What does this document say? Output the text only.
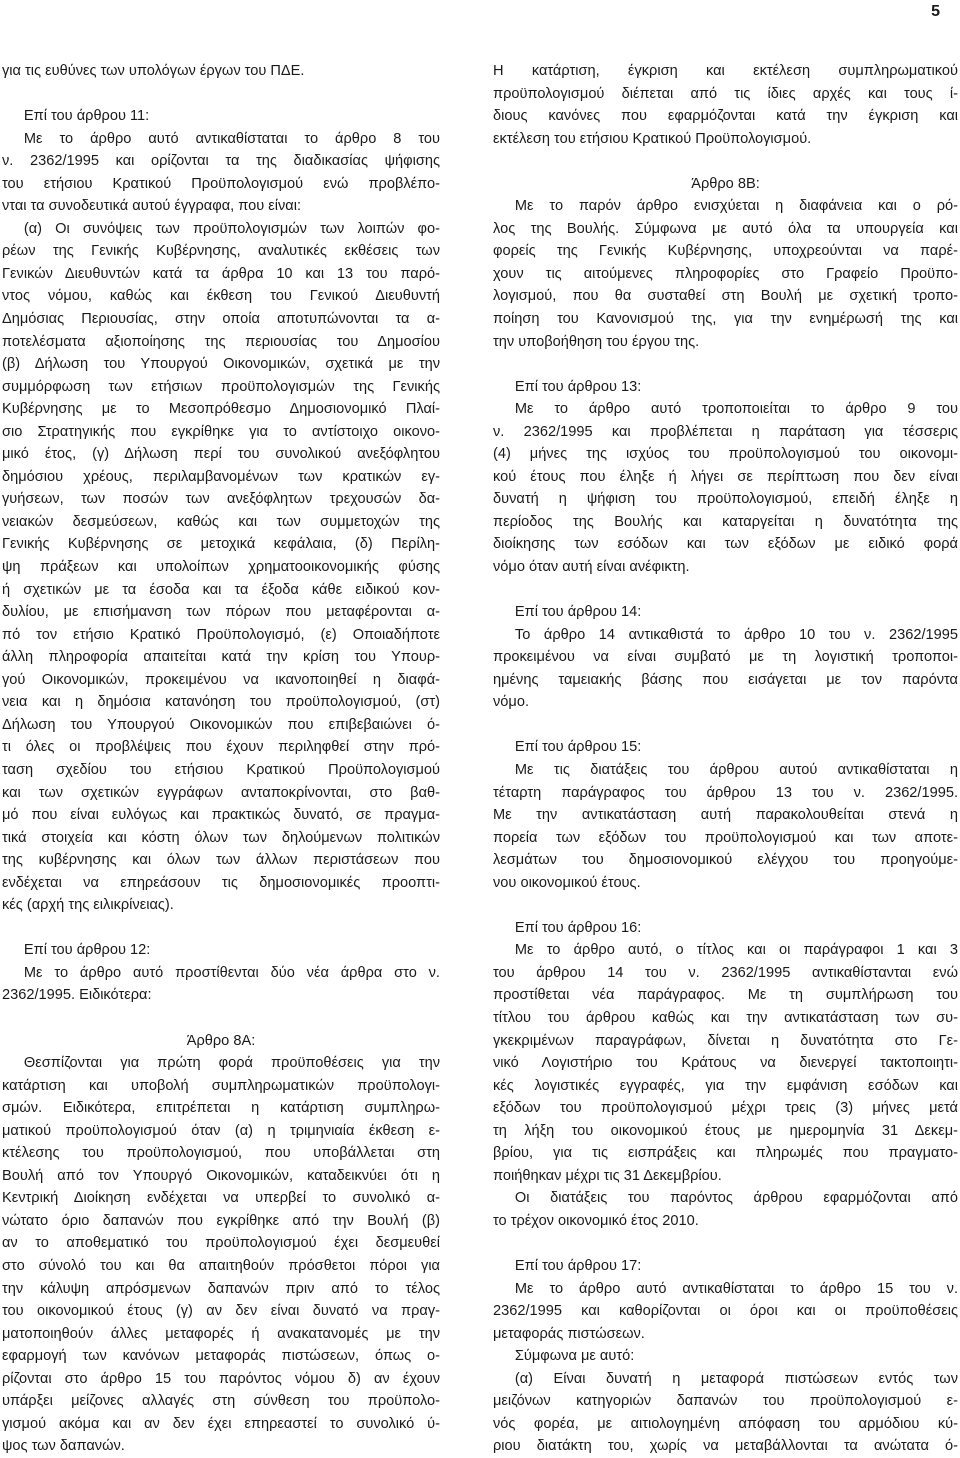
5
για τις ευθύνες των υπολόγων έργων του ΠΔΕ.
  Επί του άρθρου 11:
  Με το άρθρο αυτό αντικαθίσταται το άρθρο 8 του
ν. 2362/1995 και ορίζονται τα της διαδικασίας ψήφισης
του ετήσιου Κρατικού Προϋπολογισμού ενώ προβλέπο-
νται τα συνοδευτικά αυτού έγγραφα, που είναι:
  (α) Οι συνόψεις των προϋπολογισμών των λοιπών φο-
ρέων της Γενικής Κυβέρνησης, αναλυτικές εκθέσεις των
Γενικών Διευθυντών κατά τα άρθρα 10 και 13 του παρό-
ντος νόμου, καθώς και έκθεση του Γενικού Διευθυντή
Δημόσιας Περιουσίας, στην οποία αποτυπώνονται τα α-
ποτελέσματα αξιοποίησης της περιουσίας του Δημοσίου
(β) Δήλωση του Υπουργού Οικονομικών, σχετικά με την
συμμόρφωση των ετήσιων προϋπολογισμών της Γενικής
Κυβέρνησης με το Μεσοπρόθεσμο Δημοσιονομικό Πλαί-
σιο Στρατηγικής που εγκρίθηκε για το αντίστοιχο οικονο-
μικό έτος, (γ) Δήλωση περί του συνολικού ανεξόφλητου
δημόσιου χρέους, περιλαμβανομένων των κρατικών εγ-
γυήσεων, των ποσών των ανεξόφλητων τρεχουσών δα-
νειακών δεσμεύσεων, καθώς και των συμμετοχών της
Γενικής Κυβέρνησης σε μετοχικά κεφάλαια, (δ) Περίλη-
ψη πράξεων και υπολοίπων χρηματοοικονομικής φύσης
ή σχετικών με τα έσοδα και τα έξοδα κάθε ειδικού κον-
δυλίου, με επισήμανση των πόρων που μεταφέρονται α-
πό τον ετήσιο Κρατικό Προϋπολογισμό, (ε) Οποιαδήποτε
άλλη πληροφορία απαιτείται κατά την κρίση του Υπουρ-
γού Οικονομικών, προκειμένου να ικανοποιηθεί η διαφά-
νεια και η δημόσια κατανόηση του προϋπολογισμού, (στ)
Δήλωση του Υπουργού Οικονομικών που επιβεβαιώνει ό-
τι όλες οι προβλέψεις που έχουν περιληφθεί στην πρό-
ταση σχεδίου του ετήσιου Κρατικού Προϋπολογισμού
και των σχετικών εγγράφων ανταποκρίνονται, στο βαθ-
μό που είναι ευλόγως και πρακτικώς δυνατό, σε πραγμα-
τικά στοιχεία και κόστη όλων των δηλούμενων πολιτικών
της κυβέρνησης και όλων των άλλων περιστάσεων που
ενδέχεται να επηρεάσουν τις δημοσιονομικές προοπτι-
κές (αρχή της ειλικρίνειας).
  Επί του άρθρου 12:
  Με το άρθρο αυτό προστίθενται δύο νέα άρθρα στο ν.
2362/1995. Ειδικότερα:
Άρθρο 8Α:
  Θεσπίζονται για πρώτη φορά προϋποθέσεις για την
κατάρτιση και υποβολή συμπληρωματικών προϋπολογι-
σμών. Ειδικότερα, επιτρέπεται η κατάρτιση συμπληρω-
ματικού προϋπολογισμού όταν (α) η τριμηνιαία έκθεση ε-
κτέλεσης του προϋπολογισμού, που υποβάλλεται στη
Βουλή από τον Υπουργό Οικονομικών, καταδεικνύει ότι η
Κεντρική Διοίκηση ενδέχεται να υπερβεί το συνολικό α-
νώτατο όριο δαπανών που εγκρίθηκε από την Βουλή (β)
αν το αποθεματικό του προϋπολογισμού έχει δεσμευθεί
στο σύνολό του και θα απαιτηθούν πρόσθετοι πόροι για
την κάλυψη απρόσμενων δαπανών πριν από το τέλος
του οικονομικού έτους (γ) αν δεν είναι δυνατό να πραγ-
ματοποιηθούν άλλες μεταφορές ή ανακατανομές με την
εφαρμογή των κανόνων μεταφοράς πιστώσεων, όπως ο-
ρίζονται στο άρθρο 15 του παρόντος νόμου δ) αν έχουν
υπάρξει μείζονες αλλαγές στη σύνθεση του προϋπολο-
γισμού ακόμα και αν δεν έχει επηρεαστεί το συνολικό ύ-
ψος των δαπανών.
Η κατάρτιση, έγκριση και εκτέλεση συμπληρωματικού
προϋπολογισμού διέπεται από τις ίδιες αρχές και τους ί-
διους κανόνες που εφαρμόζονται κατά την έγκριση και
εκτέλεση του ετήσιου Κρατικού Προϋπολογισμού.
Άρθρο 8Β:
  Με το παρόν άρθρο ενισχύεται η διαφάνεια και ο ρό-
λος της Βουλής. Σύμφωνα με αυτό όλα τα υπουργεία και
φορείς της Γενικής Κυβέρνησης, υποχρεούνται να παρέ-
χουν τις αιτούμενες πληροφορίες στο Γραφείο Προϋπο-
λογισμού, που θα συσταθεί στη Βουλή με σχετική τροπο-
ποίηση του Κανονισμού της, για την ενημέρωσή της και
την υποβοήθηση του έργου της.
  Επί του άρθρου 13:
  Με το άρθρο αυτό τροποποιείται το άρθρο 9 του
ν. 2362/1995 και προβλέπεται η παράταση για τέσσερις
(4) μήνες της ισχύος του προϋπολογισμού του οικονομι-
κού έτους που έληξε ή λήγει σε περίπτωση που δεν είναι
δυνατή η ψήφιση του προϋπολογισμού, επειδή έληξε η
περίοδος της Βουλής και καταργείται η δυνατότητα της
διοίκησης των εσόδων και των εξόδων με ειδικό φορά
νόμο όταν αυτή είναι ανέφικτη.
  Επί του άρθρου 14:
  Το άρθρο 14 αντικαθιστά το άρθρο 10 του ν. 2362/1995
προκειμένου να είναι συμβατό με τη λογιστική τροποποι-
ημένης ταμειακής βάσης που εισάγεται με τον παρόντα
νόμο.
  Επί του άρθρου 15:
  Με τις διατάξεις του άρθρου αυτού αντικαθίσταται η
τέταρτη παράγραφος του άρθρου 13 του ν. 2362/1995.
Με την αντικατάσταση αυτή παρακολουθείται στενά η
πορεία των εξόδων του προϋπολογισμού και των αποτε-
λεσμάτων του δημοσιονομικού ελέγχου του προηγούμε-
νου οικονομικού έτους.
  Επί του άρθρου 16:
  Με το άρθρο αυτό, ο τίτλος και οι παράγραφοι 1 και 3
του άρθρου 14 του ν. 2362/1995 αντικαθίστανται ενώ
προστίθεται νέα παράγραφος. Με τη συμπλήρωση του
τίτλου του άρθρου καθώς και την αντικατάσταση των συ-
γκεκριμένων παραγράφων, δίνεται η δυνατότητα στο Γε-
νικό Λογιστήριο του Κράτους να διενεργεί τακτοποιητι-
κές λογιστικές εγγραφές, για την εμφάνιση εσόδων και
εξόδων του προϋπολογισμού μέχρι τρεις (3) μήνες μετά
τη λήξη του οικονομικού έτους με ημερομηνία 31 Δεκεμ-
βρίου, για τις εισπράξεις και πληρωμές που πραγματο-
ποιήθηκαν μέχρι τις 31 Δεκεμβρίου.
  Οι διατάξεις του παρόντος άρθρου εφαρμόζονται από
το τρέχον οικονομικό έτος 2010.
  Επί του άρθρου 17:
  Με το άρθρο αυτό αντικαθίσταται το άρθρο 15 του ν.
2362/1995 και καθορίζονται οι όροι και οι προϋποθέσεις
μεταφοράς πιστώσεων.
  Σύμφωνα με αυτό:
  (α) Είναι δυνατή η μεταφορά πιστώσεων εντός των
μειζόνων κατηγοριών δαπανών του προϋπολογισμού ε-
νός φορέα, με αιτιολογημένη απόφαση του αρμόδιου κύ-
ριου διατάκτη του, χωρίς να μεταβάλλονται τα ανώτατα ό-
